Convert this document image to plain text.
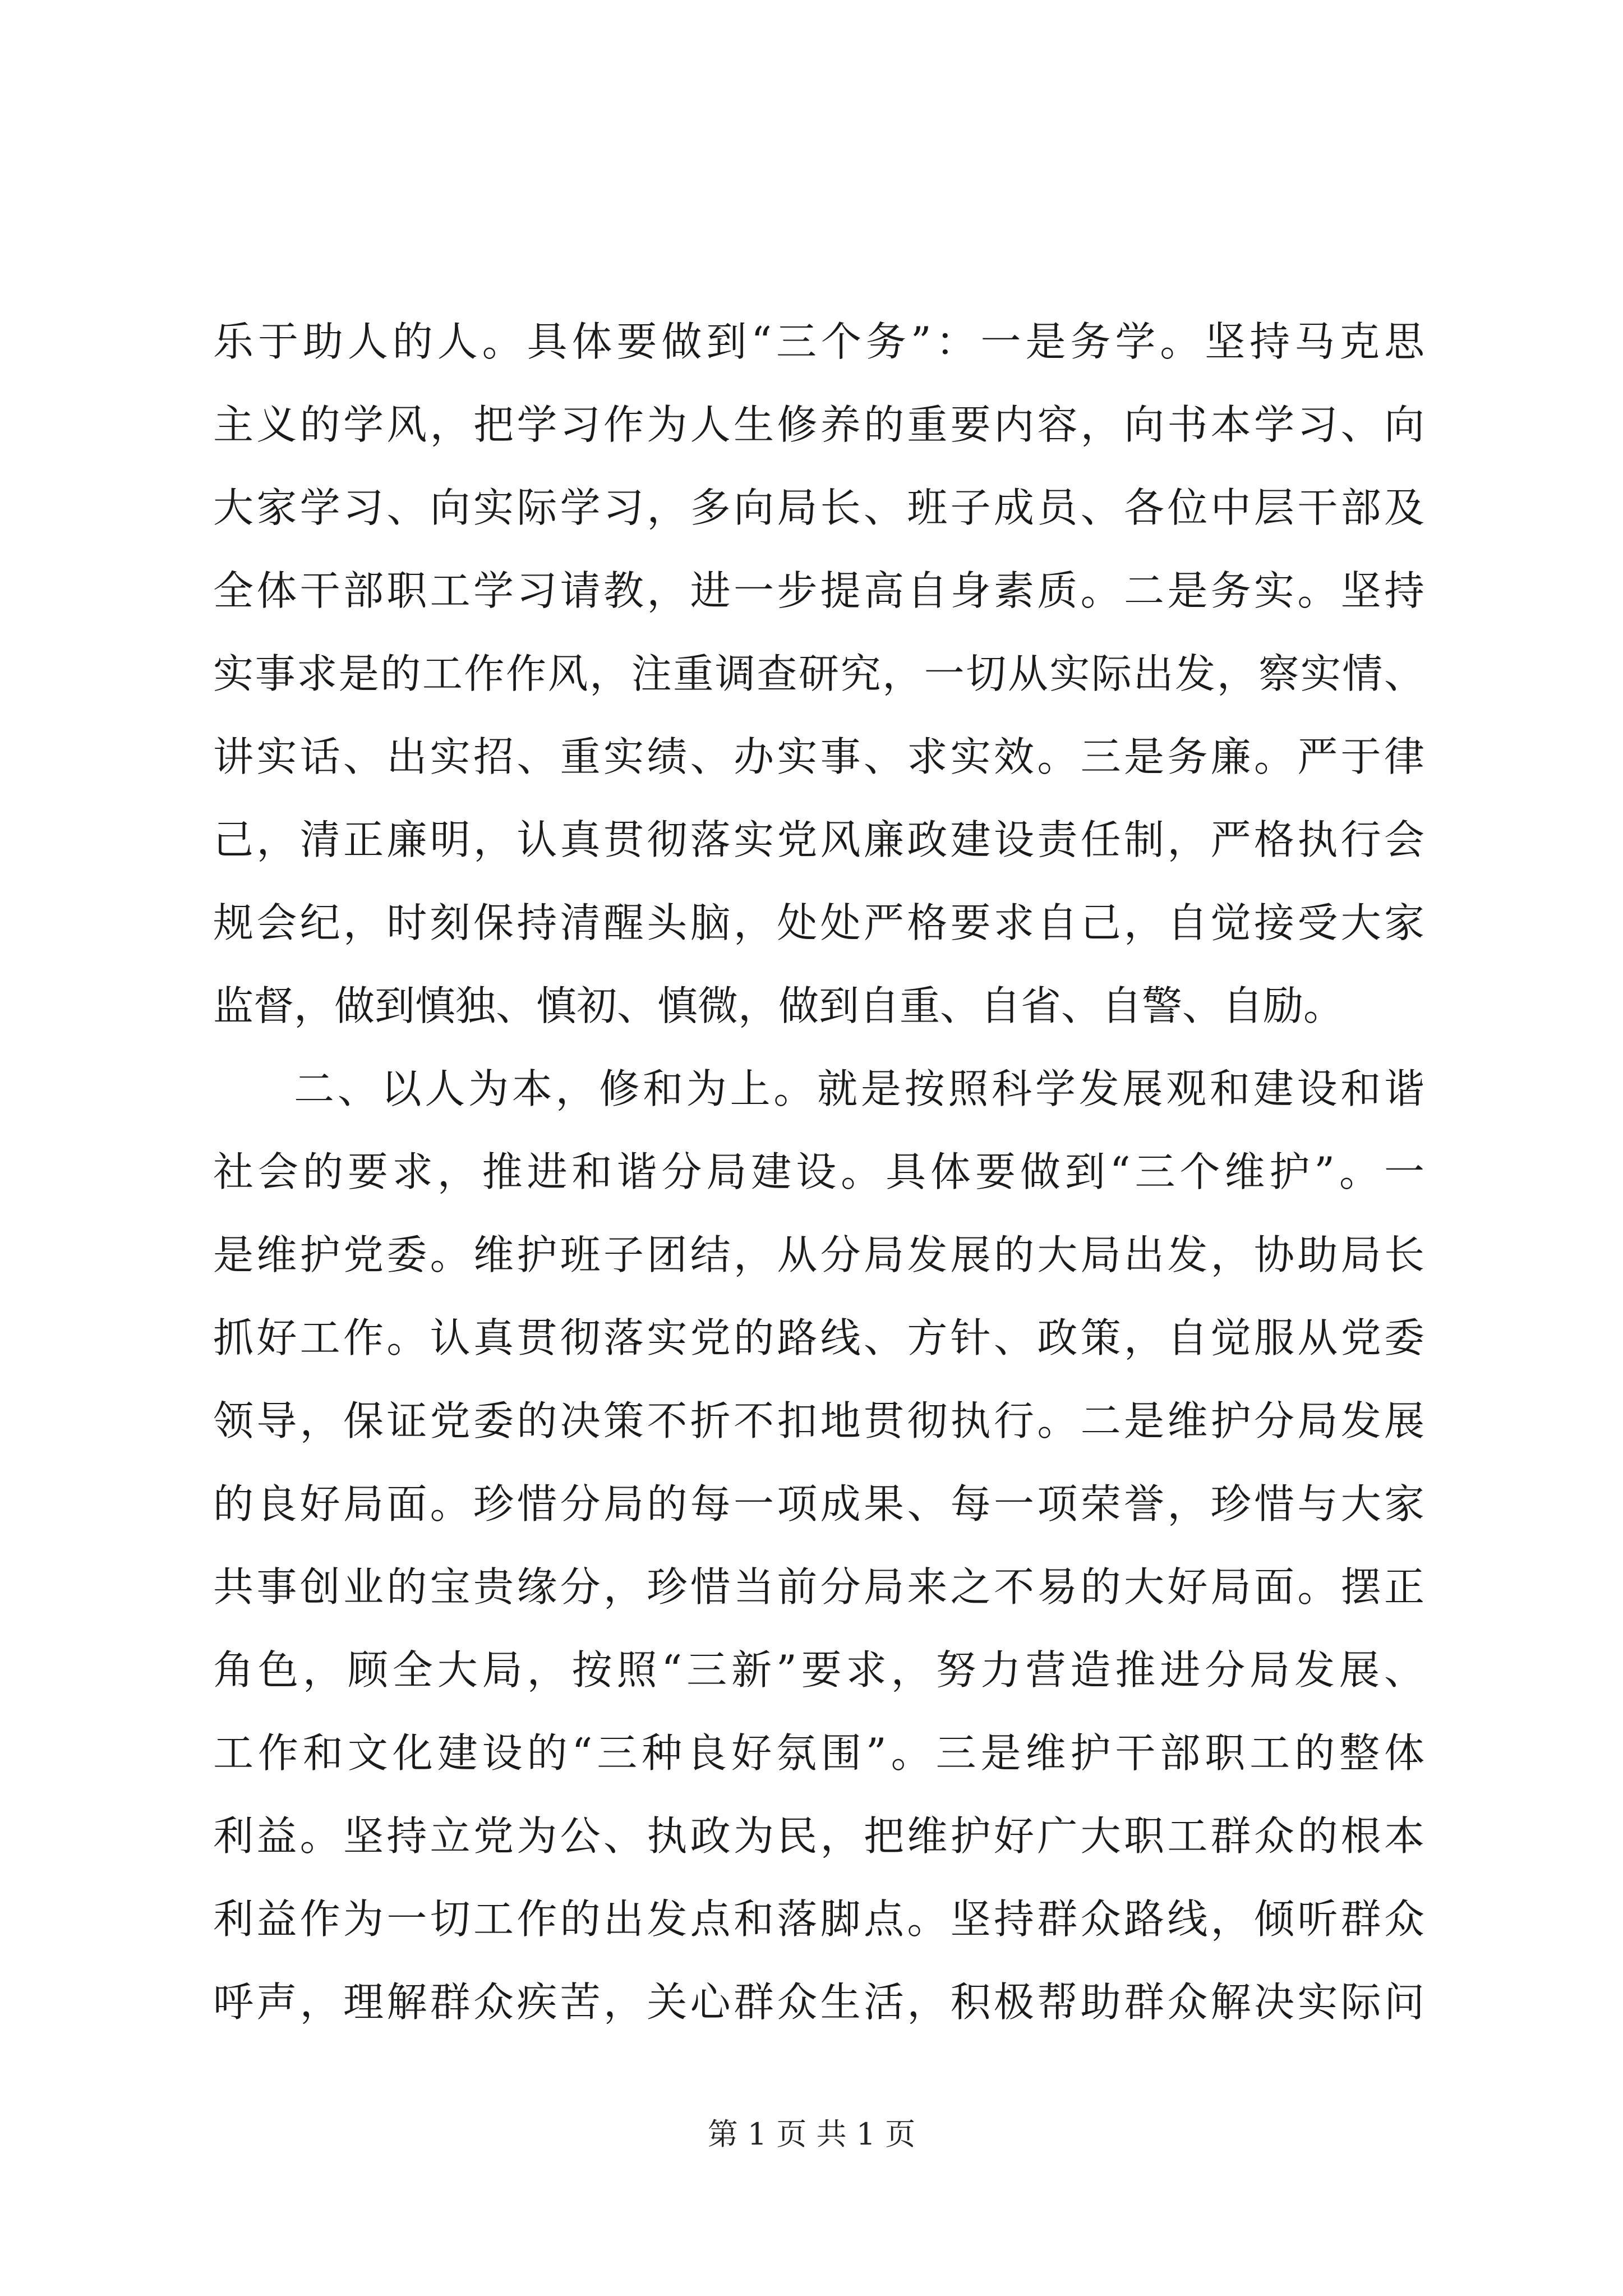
乐于助人的人。具体要做到“三个务”：一是务学。坚持马克思
主义的学风，把学习作为人生修养的重要内容，向书本学习、向
大家学习、向实际学习，多向局长、班子成员、各位中层干部及
全体干部职工学习请教，进一步提高自身素质。二是务实。坚持
实事求是的工作作风，注重调查研究，一切从实际出发，察实情、
讲实话、出实招、重实绩、办实事、求实效。三是务廉。严于律
己，清正廉明，认真贯彻落实党风廉政建设责任制，严格执行会
规会纪，时刻保持清醒头脑，处处严格要求自己，自觉接受大家
监督，做到慎独、慎初、慎微，做到自重、自省、自警、自励。
二、以人为本，修和为上。就是按照科学发展观和建设和谐
社会的要求，推进和谐分局建设。具体要做到“三个维护”。一
是维护党委。维护班子团结，从分局发展的大局出发，协助局长
抓好工作。认真贯彻落实党的路线、方针、政策，自觉服从党委
领导，保证党委的决策不折不扣地贯彻执行。二是维护分局发展
的良好局面。珍惜分局的每一项成果、每一项荣誉，珍惜与大家
共事创业的宝贵缘分，珍惜当前分局来之不易的大好局面。摆正
角色，顾全大局，按照“三新”要求，努力营造推进分局发展、
工作和文化建设的“三种良好氛围”。三是维护干部职工的整体
利益。坚持立党为公、执政为民，把维护好广大职工群众的根本
利益作为一切工作的出发点和落脚点。坚持群众路线，倾听群众
呼声，理解群众疾苦，关心群众生活，积极帮助群众解决实际问
第 1 页 共 1 页
